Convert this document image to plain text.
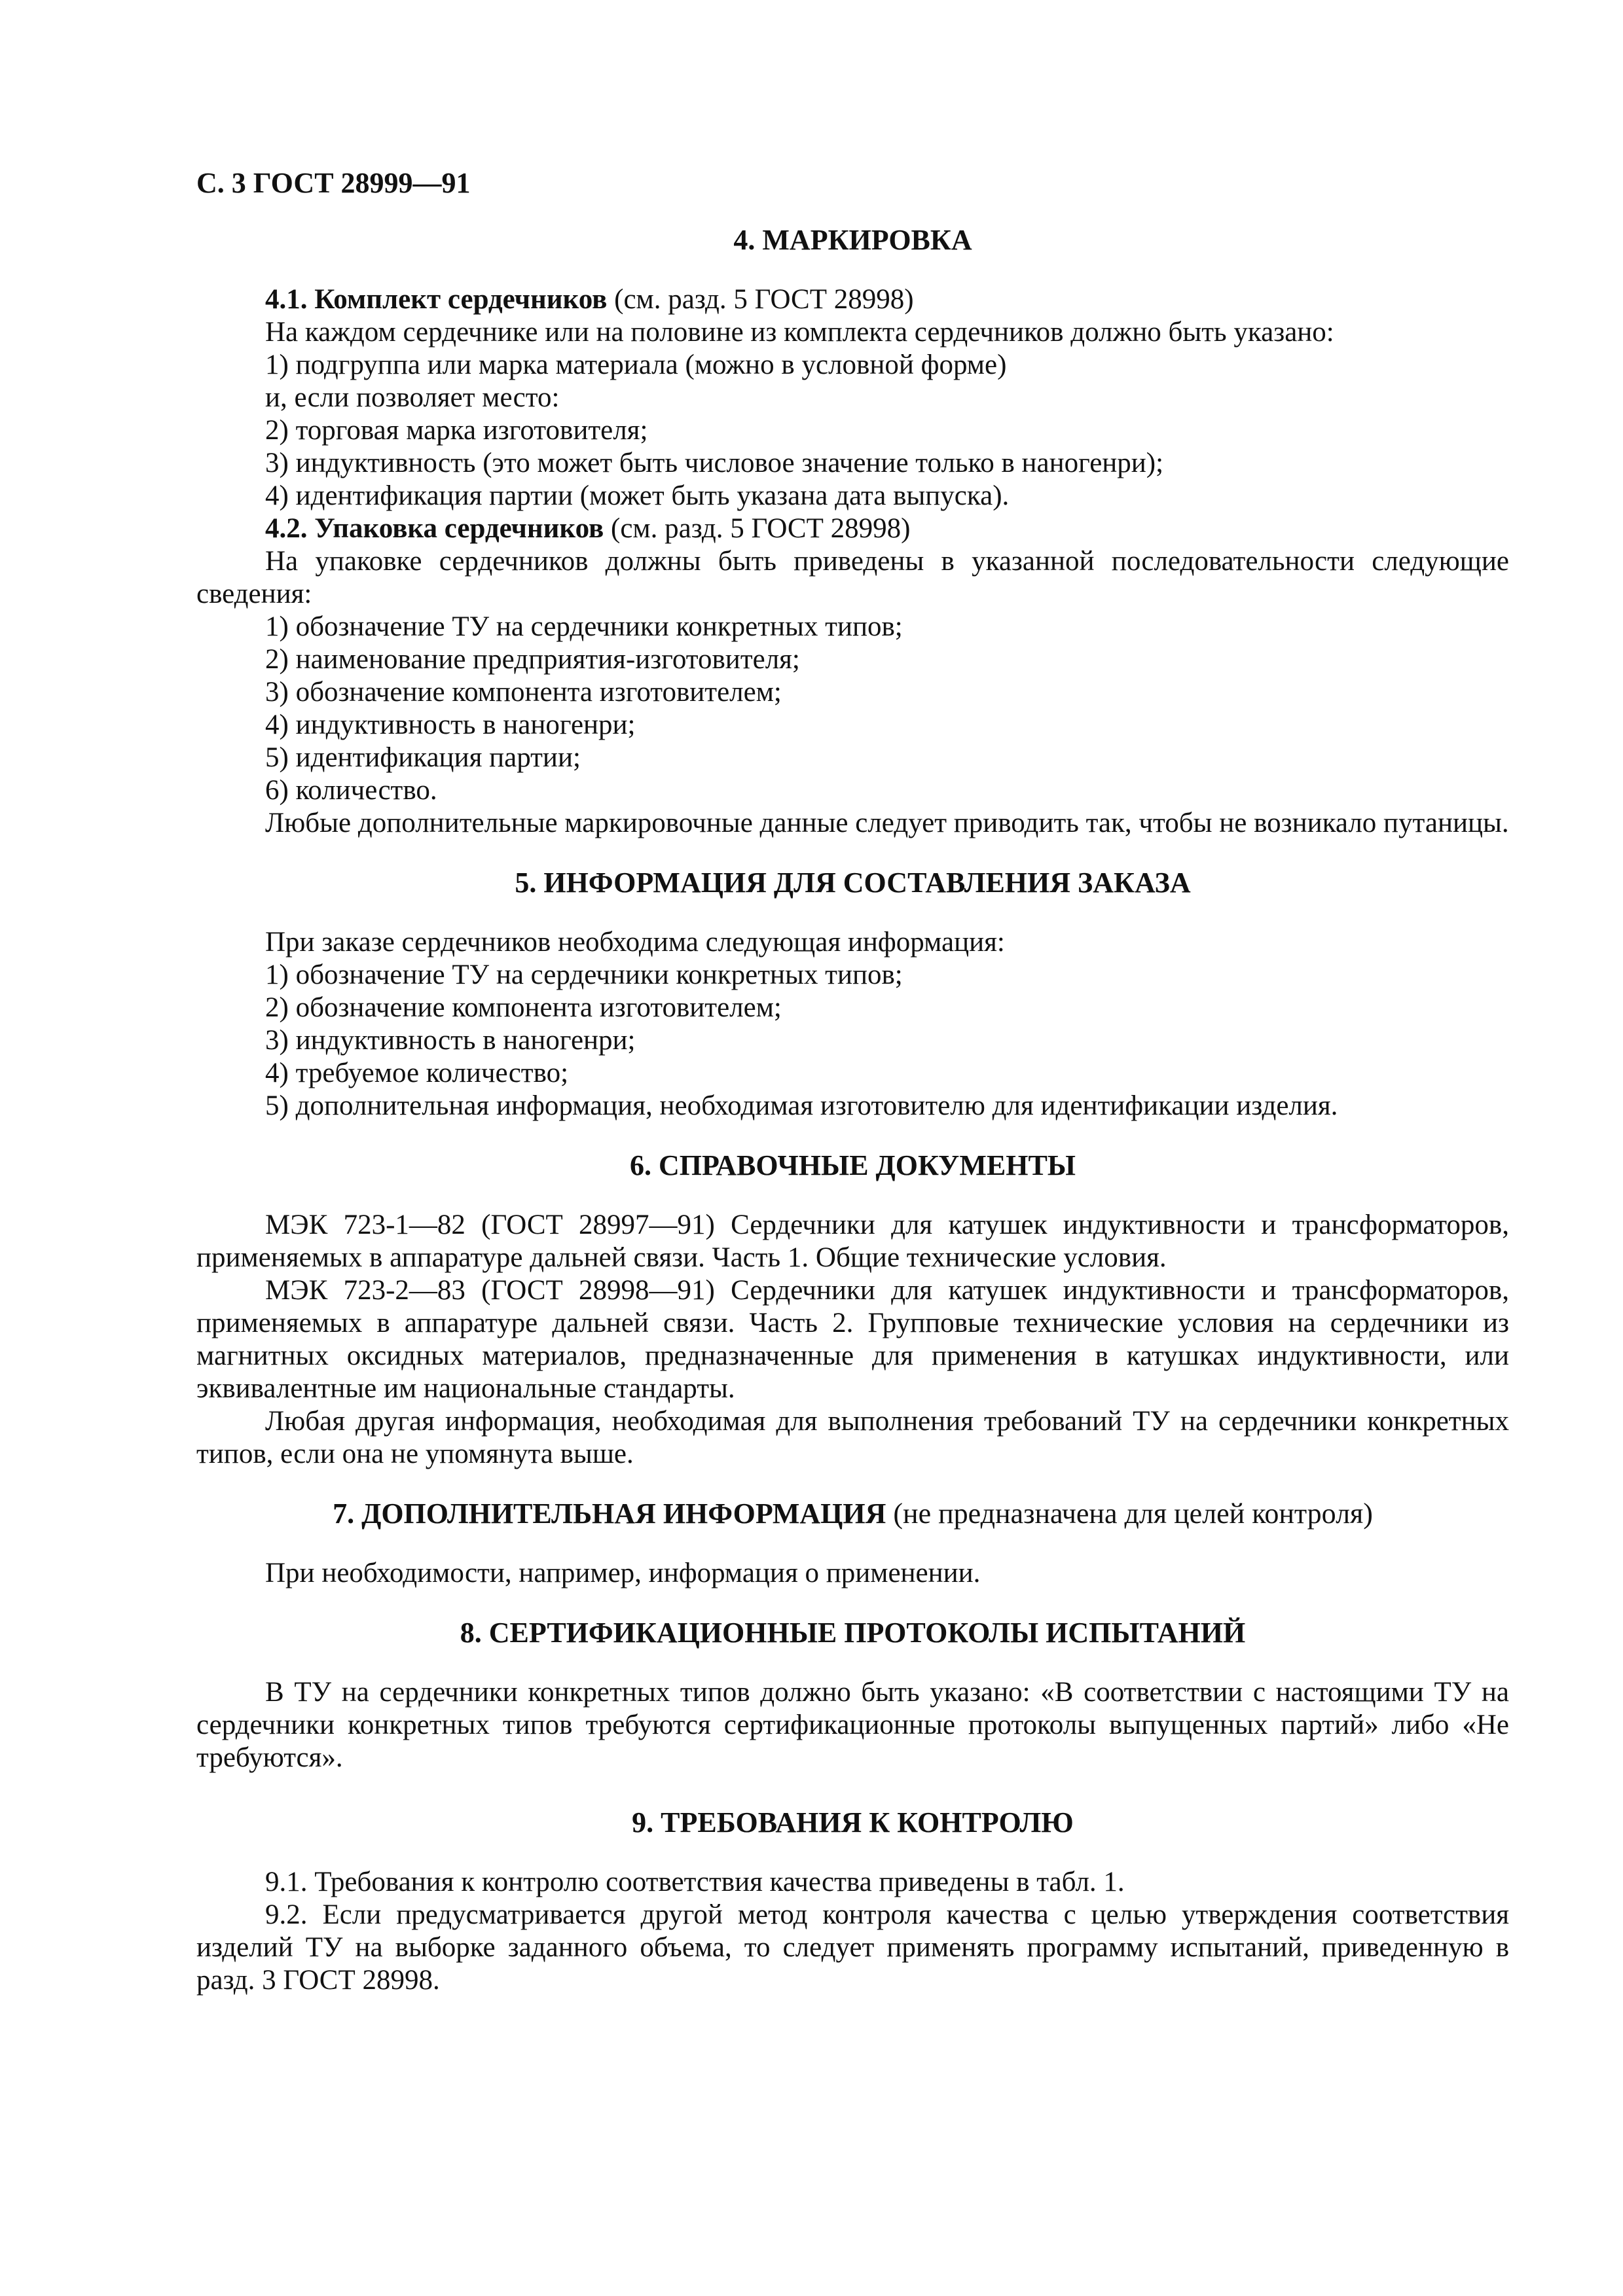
С. 3 ГОСТ 28999—91
4. МАРКИРОВКА

4.1. Комплект сердечников (см. разд. 5 ГОСТ 28998)

На каждом сердечнике или на половине из комплекта сердечников должно быть указано:

1) подгруппа или марка материала (можно в условной форме)

и, если позволяет место:

2) торговая марка изготовителя;

3) индуктивность (это может быть числовое значение только в наногенри);

4) идентификация партии (может быть указана дата выпуска).

4.2. Упаковка сердечников (см. разд. 5 ГОСТ 28998)

На упаковке сердечников должны быть приведены в указанной последовательности следующие сведения:

1) обозначение ТУ на сердечники конкретных типов;

2) наименование предприятия-изготовителя;

3) обозначение компонента изготовителем;

4) индуктивность в наногенри;

5) идентификация партии;

6) количество.

Любые дополнительные маркировочные данные следует приводить так, чтобы не возникало путаницы.

5. ИНФОРМАЦИЯ ДЛЯ СОСТАВЛЕНИЯ ЗАКАЗА

При заказе сердечников необходима следующая информация:

1) обозначение ТУ на сердечники конкретных типов;

2) обозначение компонента изготовителем;

3) индуктивность в наногенри;

4) требуемое количество;

5) дополнительная информация, необходимая изготовителю для идентификации изделия.

6. СПРАВОЧНЫЕ ДОКУМЕНТЫ

МЭК 723-1—82 (ГОСТ 28997—91) Сердечники для катушек индуктивности и трансформаторов, применяемых в аппаратуре дальней связи. Часть 1. Общие технические условия.

МЭК 723-2—83 (ГОСТ 28998—91) Сердечники для катушек индуктивности и трансформаторов, применяемых в аппаратуре дальней связи. Часть 2. Групповые технические условия на сердечники из магнитных оксидных материалов, предназначенные для применения в катушках индуктивности, или эквивалентные им национальные стандарты.

Любая другая информация, необходимая для выполнения требований ТУ на сердечники конкретных типов, если она не упомянута выше.

7. ДОПОЛНИТЕЛЬНАЯ ИНФОРМАЦИЯ (не предназначена для целей контроля)

При необходимости, например, информация о применении.

8. СЕРТИФИКАЦИОННЫЕ ПРОТОКОЛЫ ИСПЫТАНИЙ

В ТУ на сердечники конкретных типов должно быть указано: «В соответствии с настоящими ТУ на сердечники конкретных типов требуются сертификационные протоколы выпущенных партий» либо «Не требуются».

9. ТРЕБОВАНИЯ К КОНТРОЛЮ

9.1. Требования к контролю соответствия качества приведены в табл. 1.

9.2. Если предусматривается другой метод контроля качества с целью утверждения соответствия изделий ТУ на выборке заданного объема, то следует применять программу испытаний, приведенную в разд. 3 ГОСТ 28998.
